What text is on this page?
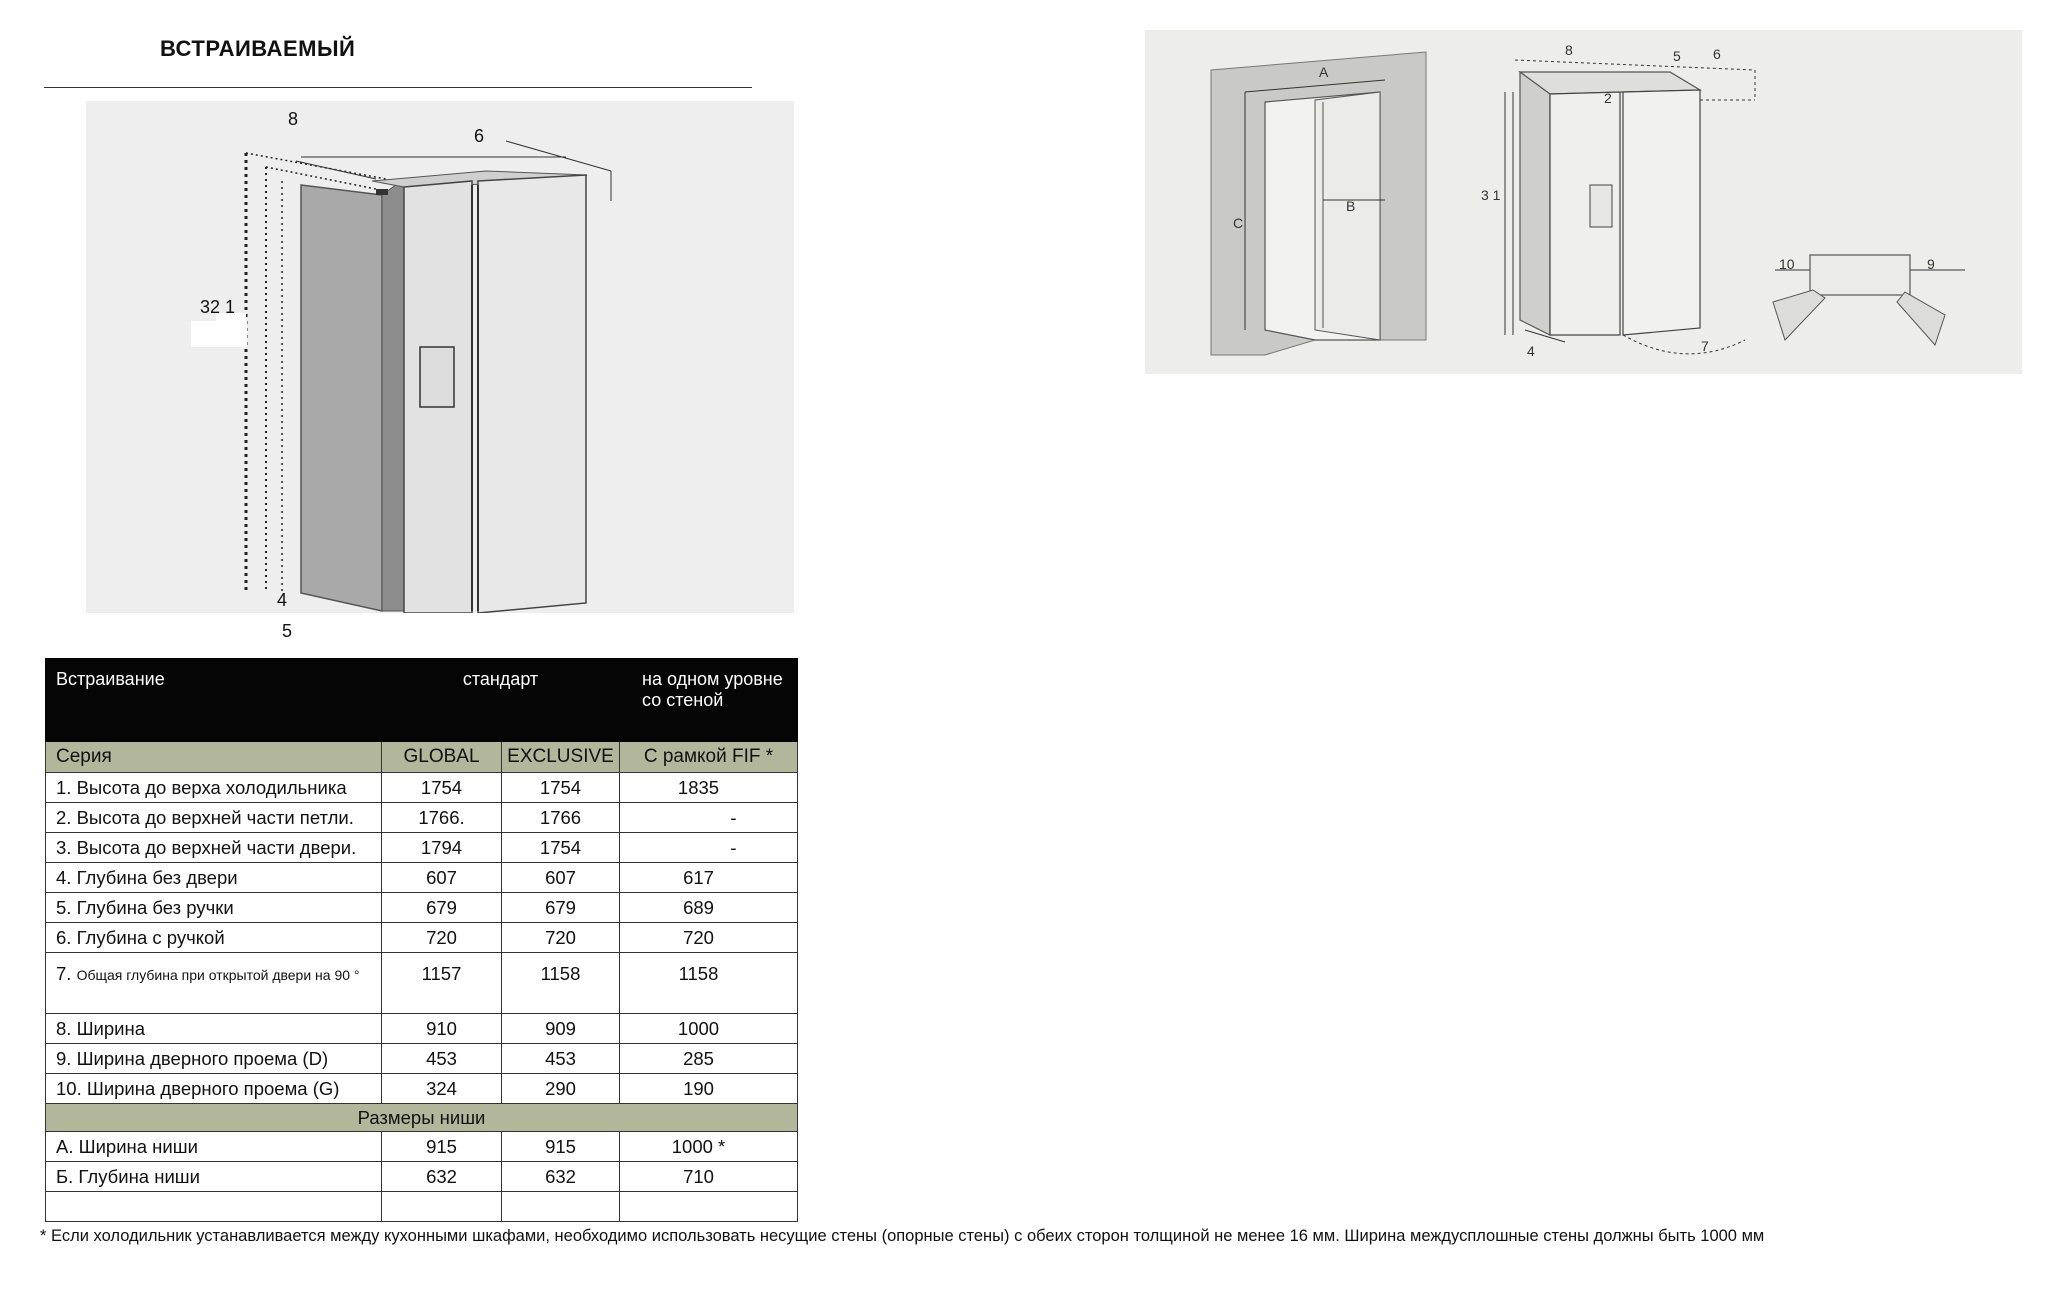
ВСТРАИВАЕМЫЙ
8
6
32 1
4
5
A
B
C
8	5 6
2
3 1
4	7
10	9
Встраивание	стандарт		на одном уровне со стеной
Серия	GLOBAL	EXCLUSIVE	С рамкой FIF *
1. Высота до верха холодильника	1754	1754	1835
2. Высота до верхней части петли.	1766.	1766	-
3. Высота до верхней части двери.	1794	1754	-
4. Глубина без двери	607	607	617
5. Глубина без ручки	679	679	689
6. Глубина с ручкой	720	720	720
7. Общая глубина при открытой двери на 90 °	1157	1158	1158
8. Ширина	910	909	1000
9. Ширина дверного проема (D)	453	453	285
10. Ширина дверного проема (G)	324	290	190
Размеры ниши			
А. Ширина ниши	915	915	1000 *
Б. Глубина ниши	632	632	710

* Если холодильник устанавливается между кухонными шкафами, необходимо использовать несущие стены (опорные стены) с обеих сторон толщиной не менее 16 мм. Ширина междусплошные стены должны быть 1000 мм
